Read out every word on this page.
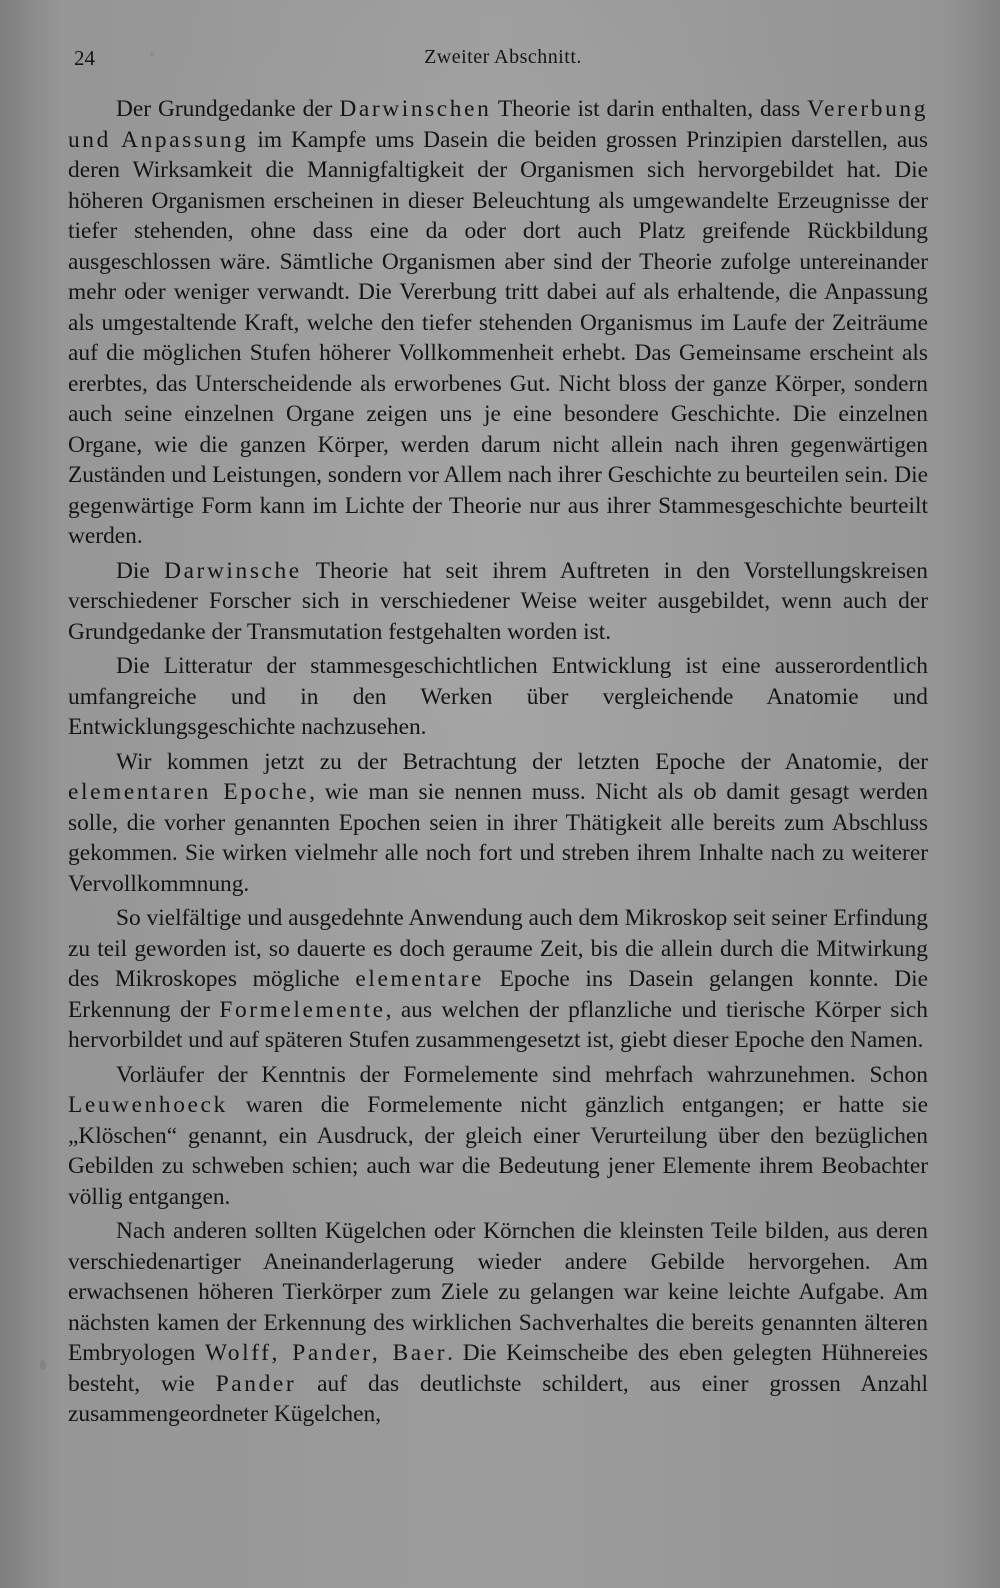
24	Zweiter Abschnitt.

Der Grundgedanke der Darwinschen Theorie ist darin enthalten, dass Vererbung und Anpassung im Kampfe ums Dasein die beiden grossen Prinzipien darstellen, aus deren Wirksamkeit die Mannigfaltigkeit der Organismen sich hervorgebildet hat. Die höheren Organismen erscheinen in dieser Beleuchtung als umgewandelte Erzeugnisse der tiefer stehenden, ohne dass eine da oder dort auch Platz greifende Rückbildung ausgeschlossen wäre. Sämtliche Organismen aber sind der Theorie zufolge untereinander mehr oder weniger verwandt. Die Vererbung tritt dabei auf als erhaltende, die Anpassung als umgestaltende Kraft, welche den tiefer stehenden Organismus im Laufe der Zeiträume auf die möglichen Stufen höherer Vollkommenheit erhebt. Das Gemeinsame erscheint als ererbtes, das Unterscheidende als erworbenes Gut. Nicht bloss der ganze Körper, sondern auch seine einzelnen Organe zeigen uns je eine besondere Geschichte. Die einzelnen Organe, wie die ganzen Körper, werden darum nicht allein nach ihren gegenwärtigen Zuständen und Leistungen, sondern vor Allem nach ihrer Geschichte zu beurteilen sein. Die gegenwärtige Form kann im Lichte der Theorie nur aus ihrer Stammesgeschichte beurteilt werden.

Die Darwinsche Theorie hat seit ihrem Auftreten in den Vorstellungskreisen verschiedener Forscher sich in verschiedener Weise weiter ausgebildet, wenn auch der Grundgedanke der Transmutation festgehalten worden ist.

Die Litteratur der stammesgeschichtlichen Entwicklung ist eine ausserordentlich umfangreiche und in den Werken über vergleichende Anatomie und Entwicklungsgeschichte nachzusehen.

Wir kommen jetzt zu der Betrachtung der letzten Epoche der Anatomie, der elementaren Epoche, wie man sie nennen muss. Nicht als ob damit gesagt werden solle, die vorher genannten Epochen seien in ihrer Thätigkeit alle bereits zum Abschluss gekommen. Sie wirken vielmehr alle noch fort und streben ihrem Inhalte nach zu weiterer Vervollkommnung.

So vielfältige und ausgedehnte Anwendung auch dem Mikroskop seit seiner Erfindung zu teil geworden ist, so dauerte es doch geraume Zeit, bis die allein durch die Mitwirkung des Mikroskopes mögliche elementare Epoche ins Dasein gelangen konnte. Die Erkennung der Formelemente, aus welchen der pflanzliche und tierische Körper sich hervorbildet und auf späteren Stufen zusammengesetzt ist, giebt dieser Epoche den Namen.

Vorläufer der Kenntnis der Formelemente sind mehrfach wahrzunehmen. Schon Leuwenhoeck waren die Formelemente nicht gänzlich entgangen; er hatte sie „Klöschen“ genannt, ein Ausdruck, der gleich einer Verurteilung über den bezüglichen Gebilden zu schweben schien; auch war die Bedeutung jener Elemente ihrem Beobachter völlig entgangen.

Nach anderen sollten Kügelchen oder Körnchen die kleinsten Teile bilden, aus deren verschiedenartiger Aneinanderlagerung wieder andere Gebilde hervorgehen. Am erwachsenen höheren Tierkörper zum Ziele zu gelangen war keine leichte Aufgabe. Am nächsten kamen der Erkennung des wirklichen Sachverhaltes die bereits genannten älteren Embryologen Wolff, Pander, Baer. Die Keimscheibe des eben gelegten Hühnereies besteht, wie Pander auf das deutlichste schildert, aus einer grossen Anzahl zusammengeordneter Kügelchen,
